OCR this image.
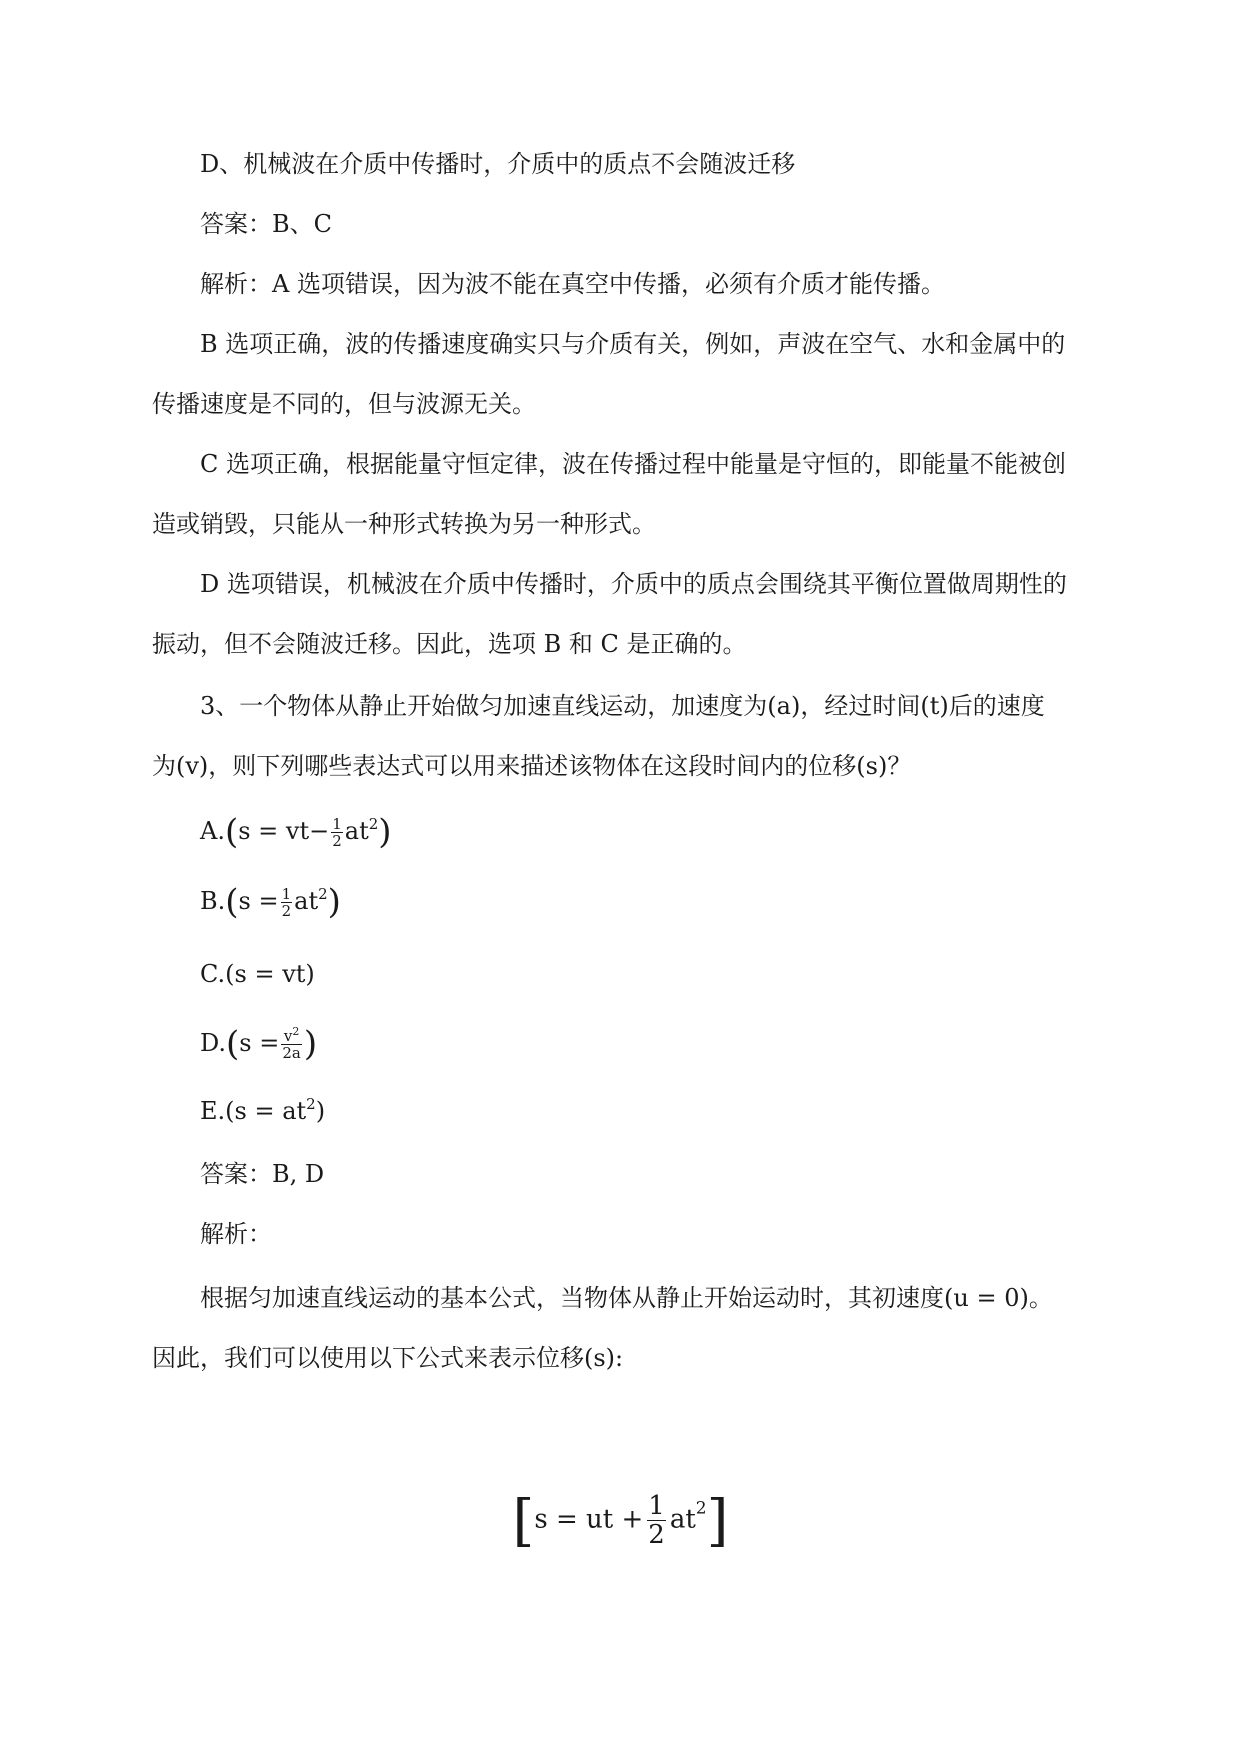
D、机械波在介质中传播时，介质中的质点不会随波迁移
答案：B、C
解析：A 选项错误，因为波不能在真空中传播，必须有介质才能传播。
B 选项正确，波的传播速度确实只与介质有关，例如，声波在空气、水和金属中的
传播速度是不同的，但与波源无关。
C 选项正确，根据能量守恒定律，波在传播过程中能量是守恒的，即能量不能被创
造或销毁，只能从一种形式转换为另一种形式。
D 选项错误，机械波在介质中传播时，介质中的质点会围绕其平衡位置做周期性的
振动，但不会随波迁移。因此，选项 B 和 C 是正确的。
3、一个物体从静止开始做匀加速直线运动，加速度为(a)，经过时间(t)后的速度
为(v)，则下列哪些表达式可以用来描述该物体在这段时间内的位移(s)？
$A.(s = vt- \frac{1}{2} at^2)$
$B.(s = \frac{1}{2} at^2)$
C.(s = vt)
$D.(s = \frac{v^2}{2a}$ )
$E.(s = at^2)$
答案：B, D
解析：
根据匀加速直线运动的基本公式，当物体从静止开始运动时，其初速度(u = 0)。
因此，我们可以使用以下公式来表示位移(s):
[s = ut + $\frac{1}{2} at^2$]
